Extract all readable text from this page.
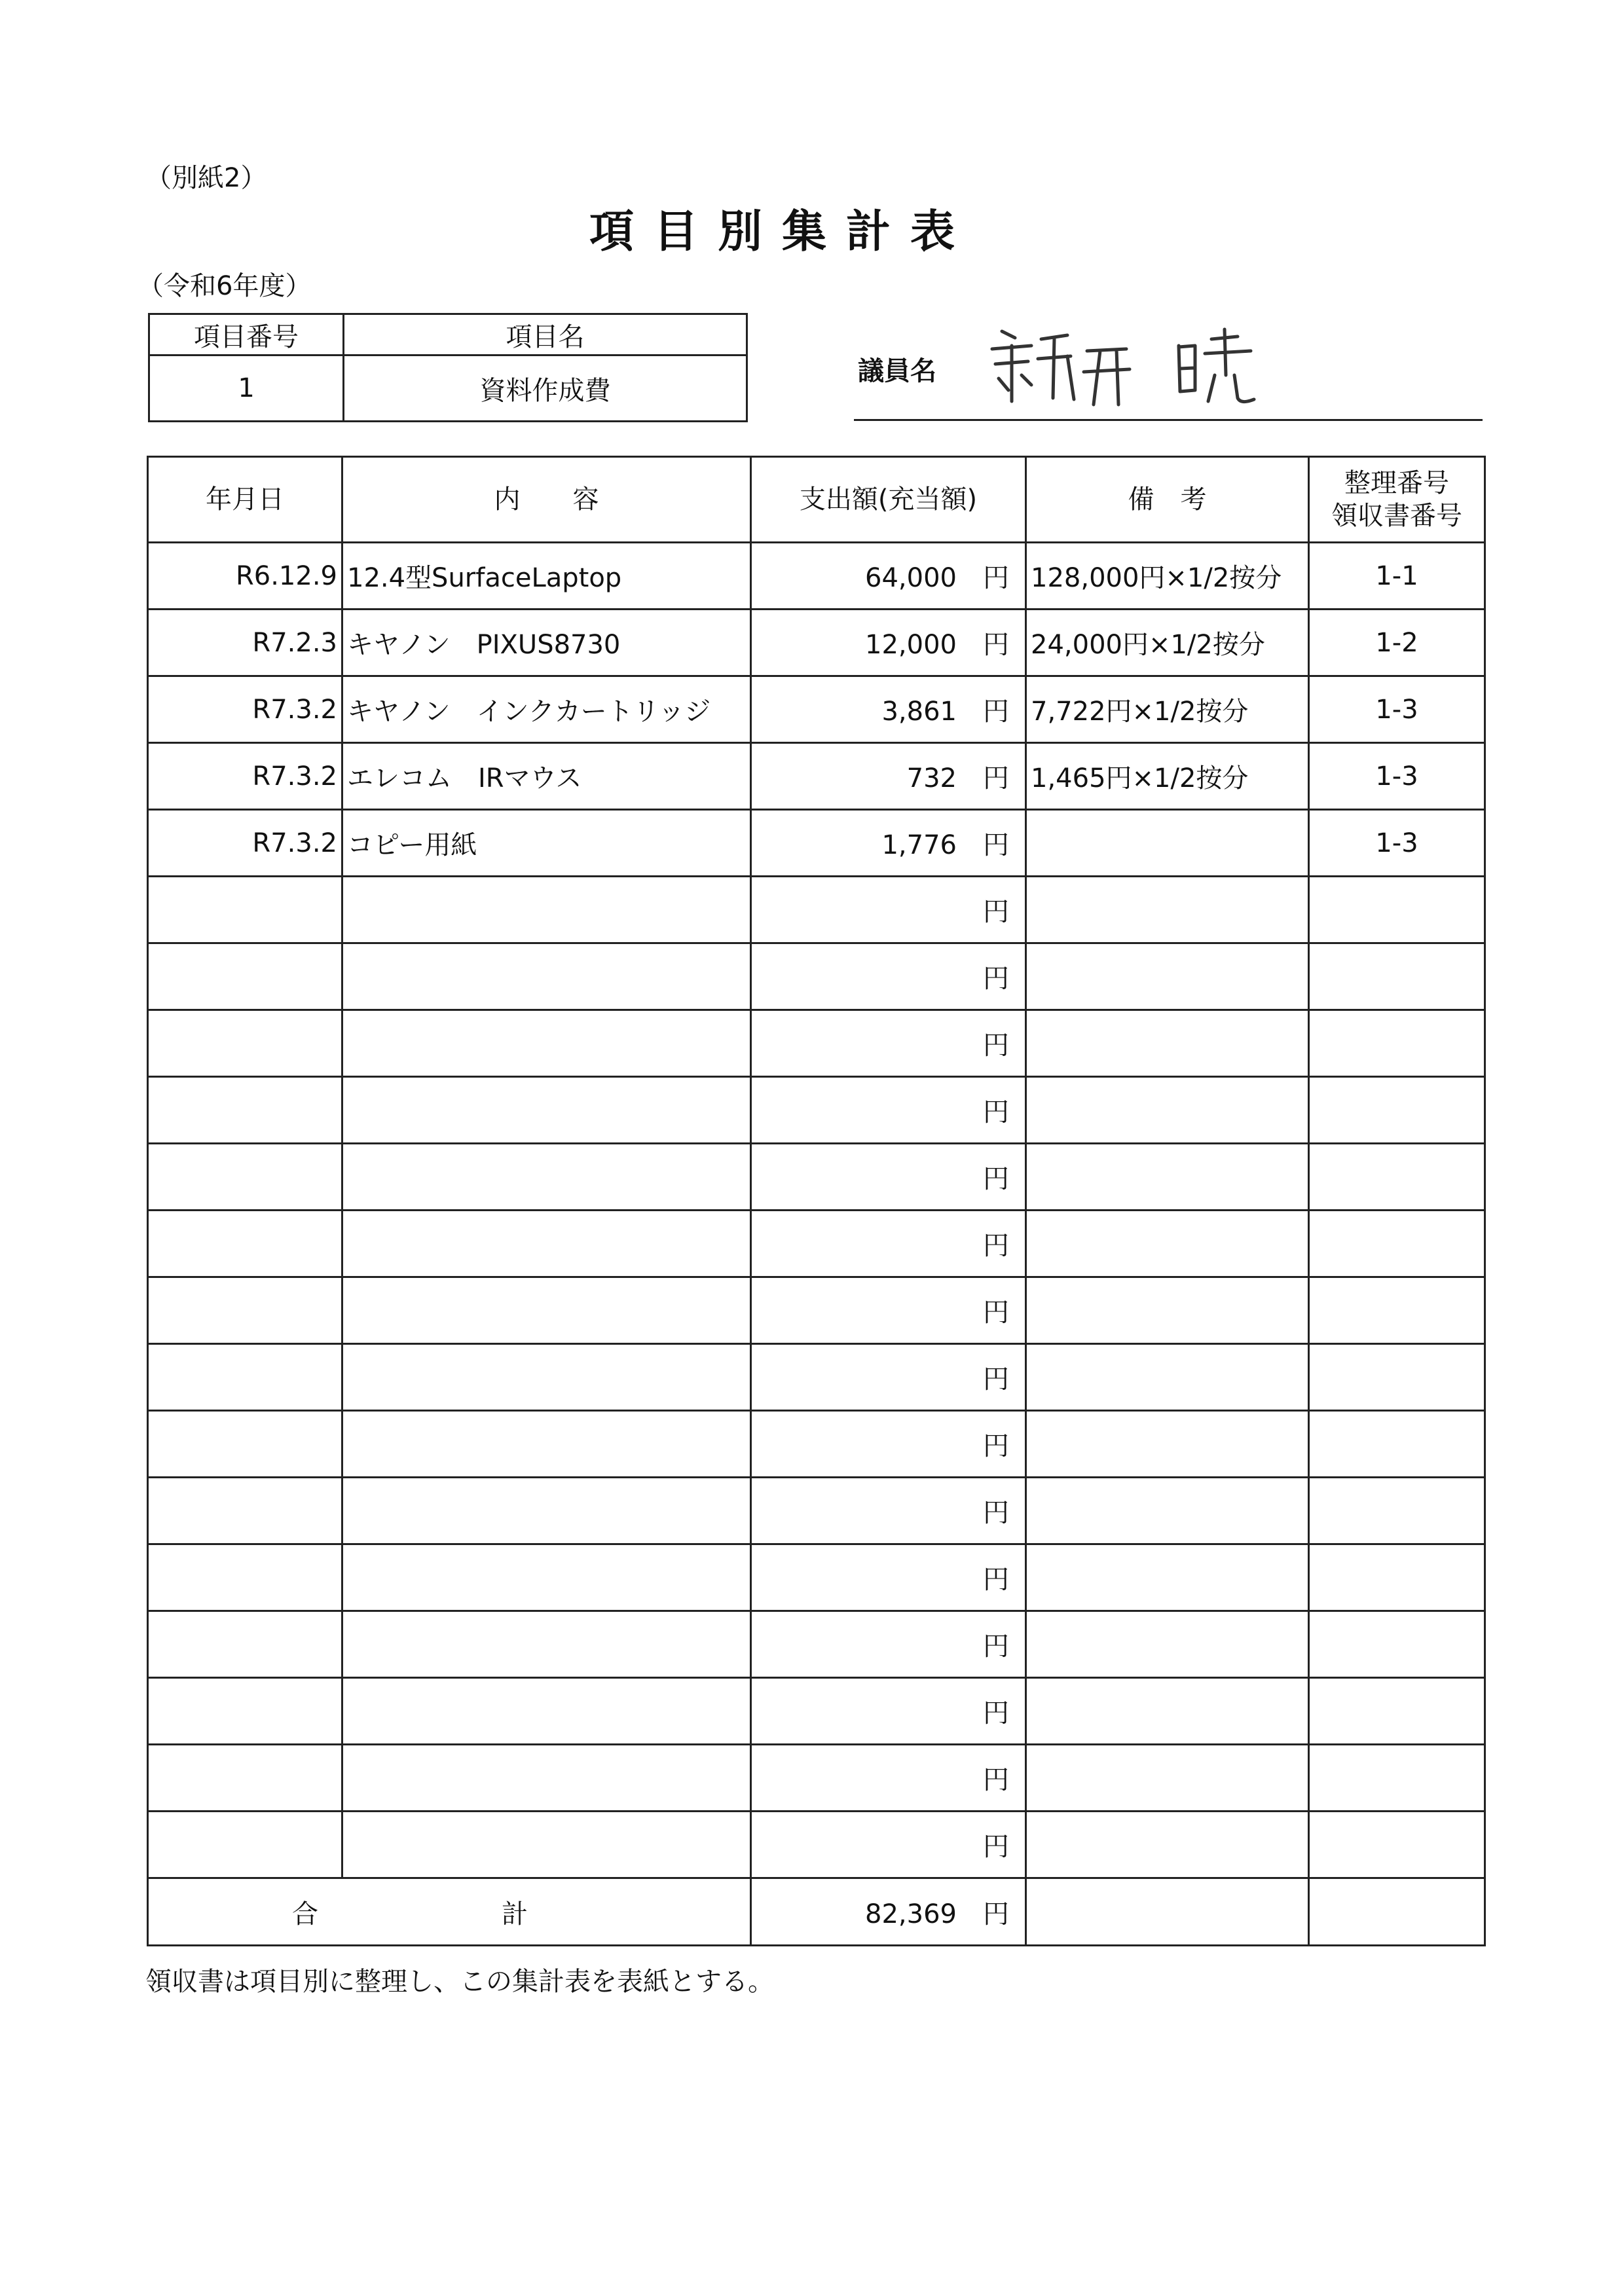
（別紙2）
項目別集計表
（令和6年度）
項目番号	項目名
1	資料作成費
議員名
年月日	内　　容	支出額(充当額)	備　考	整理番号
領収書番号
R6.12.9	12.4型SurfaceLaptop	64,000 円	128,000円×1/2按分	1-1
R7.2.3	キヤノン　PIXUS8730	12,000 円	24,000円×1/2按分	1-2
R7.3.2	キヤノン　インクカートリッジ	3,861 円	7,722円×1/2按分	1-3
R7.3.2	エレコム　IRマウス	732 円	1,465円×1/2按分	1-3
R7.3.2	コピー用紙	1,776 円		1-3
		円		
		円		
		円		
		円		
		円		
		円		
		円		
		円		
		円		
		円		
		円		
		円		
		円		
		円		
		円		
合　計		82,369 円		
領収書は項目別に整理し、この集計表を表紙とする。
